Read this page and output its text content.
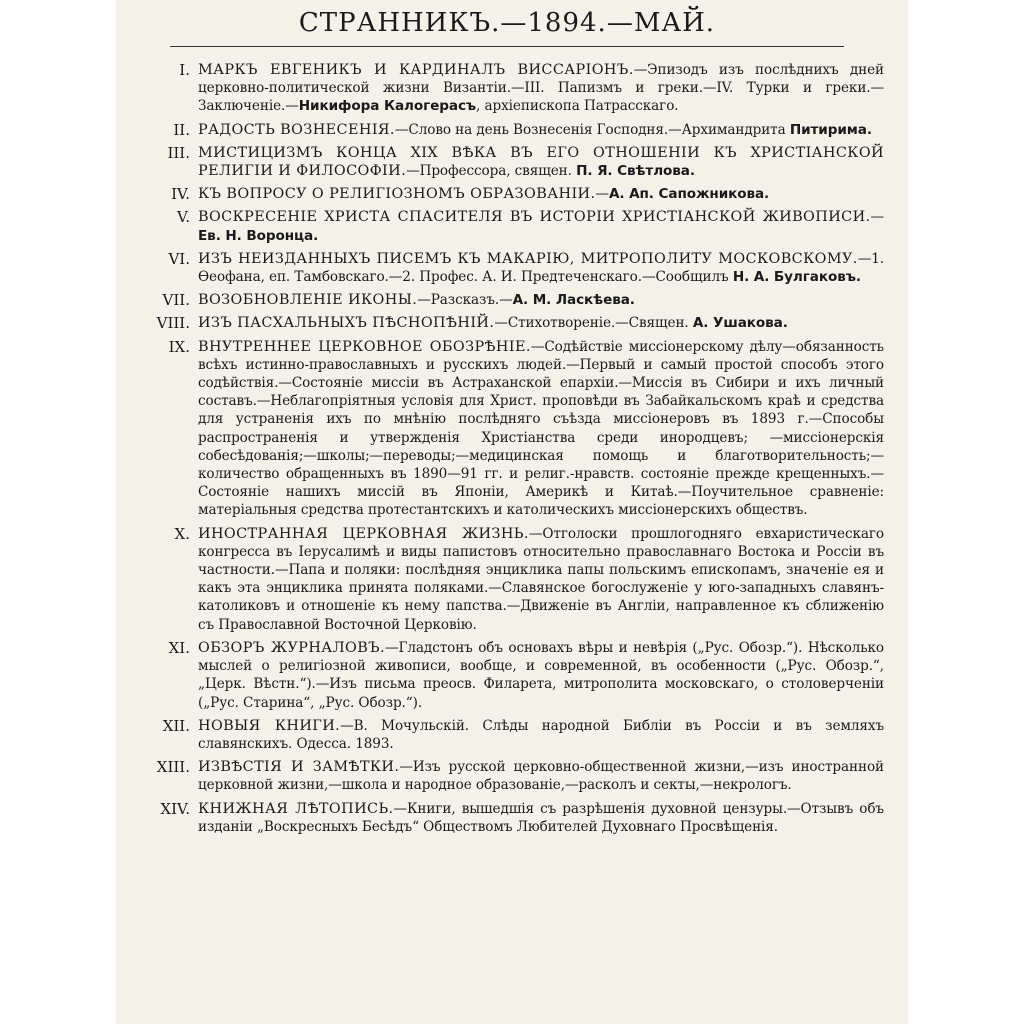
СТРАННИКЪ.—1894.—МАЙ.
I. МАРКЪ ЕВГЕНИКЪ И КАРДИНАЛЪ ВИССАРІОНЪ.—Эпизодъ изъ послѣднихъ дней церковно-политической жизни Византіи.—III. Папизмъ и греки.—IV. Турки и греки.—Заключеніе.—Никифора Калогерасъ, архіепископа Патрасскаго.
II. РАДОСТЬ ВОЗНЕСЕНІЯ.—Слово на день Вознесенія Господня.—Архимандрита Питирима.
III. МИСТИЦИЗМЪ КОНЦА XIX ВѢКА ВЪ ЕГО ОТНОШЕНІИ КЪ ХРИСТІАНСКОЙ РЕЛИГІИ И ФИЛОСОФІИ.—Профессора, священ. П. Я. Свѣтлова.
IV. КЪ ВОПРОСУ О РЕЛИГІОЗНОМЪ ОБРАЗОВАНІИ.—А. Ап. Сапожникова.
V. ВОСКРЕСЕНІЕ ХРИСТА СПАСИТЕЛЯ ВЪ ИСТОРІИ ХРИСТІАНСКОЙ ЖИВОПИСИ.—Ев. Н. Воронца.
VI. ИЗЪ НЕИЗДАННЫХЪ ПИСЕМЪ КЪ МАКАРІЮ, МИТРОПОЛИТУ МОСКОВСКОМУ.—1. Ѳеофана, еп. Тамбовскаго.—2. Профес. А. И. Предтеченскаго.—Сообщилъ Н. А. Булгаковъ.
VII. ВОЗОБНОВЛЕНІЕ ИКОНЫ.—Разсказъ.—А. М. Ласкѣева.
VIII. ИЗЪ ПАСХАЛЬНЫХЪ ПѢСНОПѢНІЙ.—Стихотвореніе.—Священ. А. Ушакова.
IX. ВНУТРЕННЕЕ ЦЕРКОВНОЕ ОБОЗРѢНІЕ.—Содѣйствіе миссіонерскому дѣлу—обязанность всѣхъ истинно-православныхъ и русскихъ людей.—Первый и самый простой способъ этого содѣйствія.—Состояніе миссіи въ Астраханской епархіи.—Миссія въ Сибири и ихъ личный составъ.—Неблагопріятныя условія для Христ. проповѣди въ Забайкальскомъ краѣ и средства для устраненія ихъ по мнѣнію послѣдняго съѣзда миссіонеровъ въ 1893 г.—Способы распространенія и утвержденія Христіанства среди инородцевъ; —миссіонерскія собесѣдованія;—школы;—переводы;—медицинская помощь и благотворительность;—количество обращенныхъ въ 1890—91 гг. и религ.-нравств. состояніе прежде крещенныхъ.—Состояніе нашихъ миссій въ Японіи, Америкѣ и Китаѣ.—Поучительное сравненіе: матеріальныя средства протестантскихъ и католическихъ миссіонерскихъ обществъ.
X. ИНОСТРАННАЯ ЦЕРКОВНАЯ ЖИЗНЬ.—Отголоски прошлогодняго евхаристическаго конгресса въ Іерусалимѣ и виды папистовъ относительно православнаго Востока и Россіи въ частности.—Папа и поляки: послѣдняя энциклика папы польскимъ епископамъ, значеніе ея и какъ эта энциклика принята поляками.—Славянское богослуженіе у юго-западныхъ славянъ-католиковъ и отношеніе къ нему папства.—Движеніе въ Англіи, направленное къ сближенію съ Православной Восточной Церковію.
XI. ОБЗОРЪ ЖУРНАЛОВЪ.—Гладстонъ объ основахъ вѣры и невѣрія („Рус. Обозр.“). Нѣсколько мыслей о религіозной живописи, вообще, и современной, въ особенности („Рус. Обозр.“, „Церк. Вѣстн.“).—Изъ письма преосв. Филарета, митрополита московскаго, о столоверченіи („Рус. Старина“, „Рус. Обозр.“).
XII. НОВЫЯ КНИГИ.—В. Мочульскій. Слѣды народной Библіи въ Россіи и въ земляхъ славянскихъ. Одесса. 1893.
XIII. ИЗВѢСТІЯ И ЗАМѢТКИ.—Изъ русской церковно-общественной жизни,—изъ иностранной церковной жизни,—школа и народное образованіе,—расколъ и секты,—некрологъ.
XIV. КНИЖНАЯ ЛѢТОПИСЬ.—Книги, вышедшія съ разрѣшенія духовной цензуры.—Отзывъ объ изданіи „Воскресныхъ Бесѣдъ“ Обществомъ Любителей Духовнаго Просвѣщенія.
